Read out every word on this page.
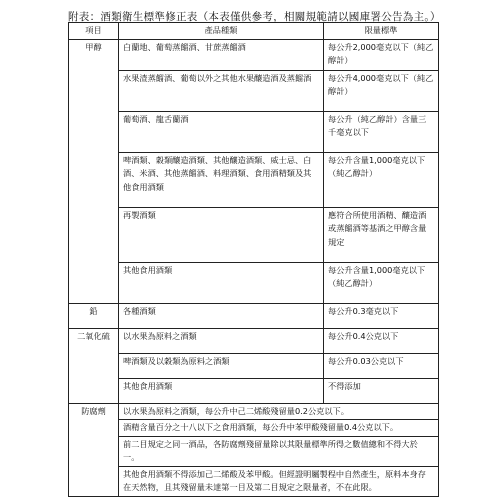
附表：酒類衛生標準修正表（本表僅供參考，相關規範請以國庫署公告為主。）
項目	產品種類	限量標準
甲醇	白蘭地、葡萄蒸餾酒、甘蔗蒸餾酒	每公升2,000毫克以下（純乙醇計）
	水果渣蒸餾酒、葡萄以外之其他水果釀造酒及蒸餾酒	每公升4,000毫克以下（純乙醇計）
	葡萄酒、龍舌蘭酒	每公升（純乙醇計）含量三千毫克以下
	啤酒類、穀類釀造酒類、其他釀造酒類、威士忌、白酒、米酒、其他蒸餾酒、料理酒類、食用酒精類及其他食用酒類	每公升含量1,000毫克以下（純乙醇計）
	再製酒類	應符合所使用酒精、釀造酒或蒸餾酒等基酒之甲醇含量規定
	其他食用酒類	每公升含量1,000毫克以下（純乙醇計）
鉛	各種酒類	每公升0.3毫克以下
二氧化硫	以水果為原料之酒類	每公升0.4公克以下
	啤酒類及以穀類為原料之酒類	每公升0.03公克以下
	其他食用酒類	不得添加
防腐劑	以水果為原料之酒類，每公升中己二烯酸殘留量0.2公克以下。	
	酒精含量百分之十八以下之食用酒類，每公升中苯甲酸殘留量0.4公克以下。	
	前二目規定之同一酒品，各防腐劑殘留量除以其限量標準所得之數值總和不得大於一。	
	其他食用酒類不得添加己二烯酸及苯甲酸。但經證明屬製程中自然產生，原料本身存在天然物，且其殘留量未達第一目及第二目規定之限量者，不在此限。	
